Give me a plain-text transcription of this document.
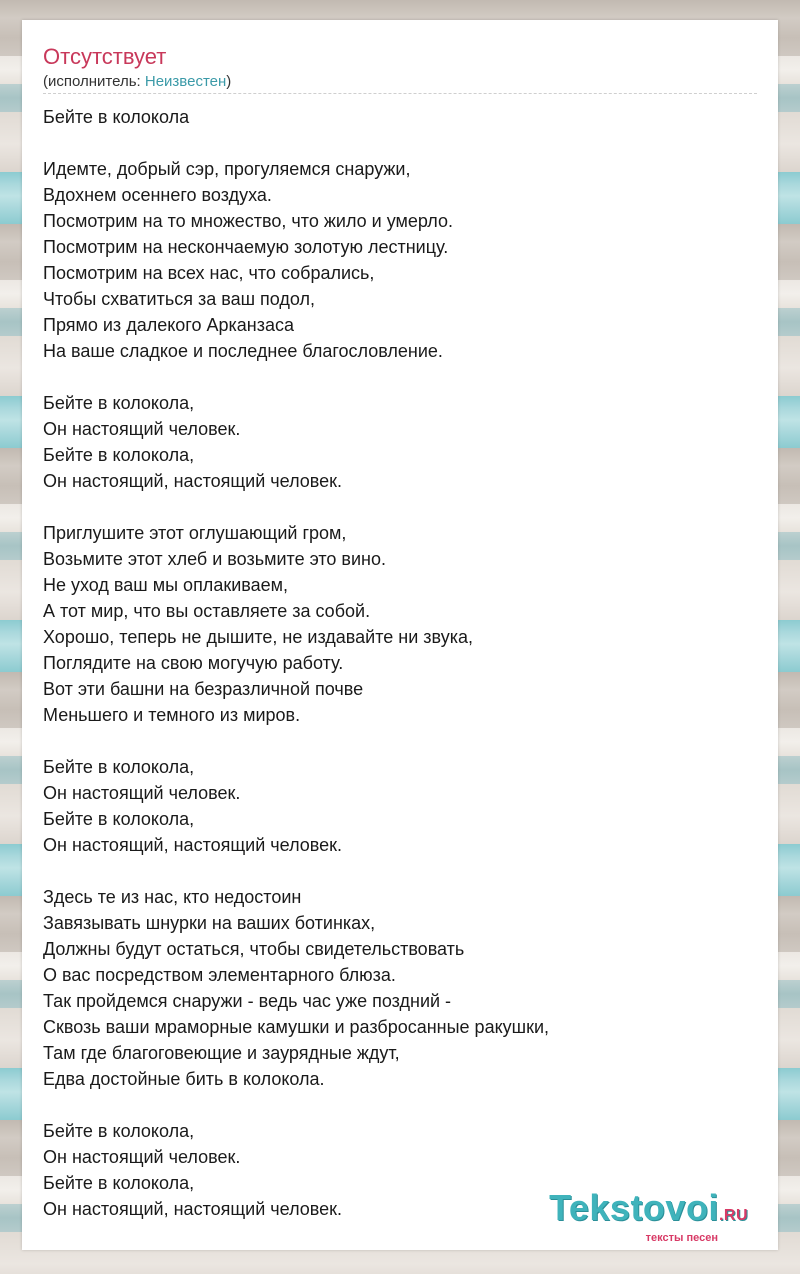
Отсутствует
(исполнитель: Неизвестен)
Бейте в колокола
Идемте, добрый сэр, прогуляемся снаружи,
Вдохнем осеннего воздуха.
Посмотрим на то множество, что жило и умерло.
Посмотрим на нескончаемую золотую лестницу.
Посмотрим на всех нас, что собрались,
Чтобы схватиться за ваш подол,
Прямо из далекого Арканзаса
На ваше сладкое и последнее благословление.
Бейте в колокола,
Он настоящий человек.
Бейте в колокола,
Он настоящий, настоящий человек.
Приглушите этот оглушающий гром,
Возьмите этот хлеб и возьмите это вино.
Не уход ваш мы оплакиваем,
А тот мир, что вы оставляете за собой.
Хорошо, теперь не дышите, не издавайте ни звука,
Поглядите на свою могучую работу.
Вот эти башни на безразличной почве
Меньшего и темного из миров.
Бейте в колокола,
Он настоящий человек.
Бейте в колокола,
Он настоящий, настоящий человек.
Здесь те из нас, кто недостоин
Завязывать шнурки на ваших ботинках,
Должны будут остаться, чтобы свидетельствовать
О вас посредством элементарного блюза.
Так пройдемся снаружи - ведь час уже поздний -
Сквозь ваши мраморные камушки и разбросанные ракушки,
Там где благоговеющие и заурядные ждут,
Едва достойные бить в колокола.
Бейте в колокола,
Он настоящий человек.
Бейте в колокола,
Он настоящий, настоящий человек.	Tekstovoi.RU
тексты песен
